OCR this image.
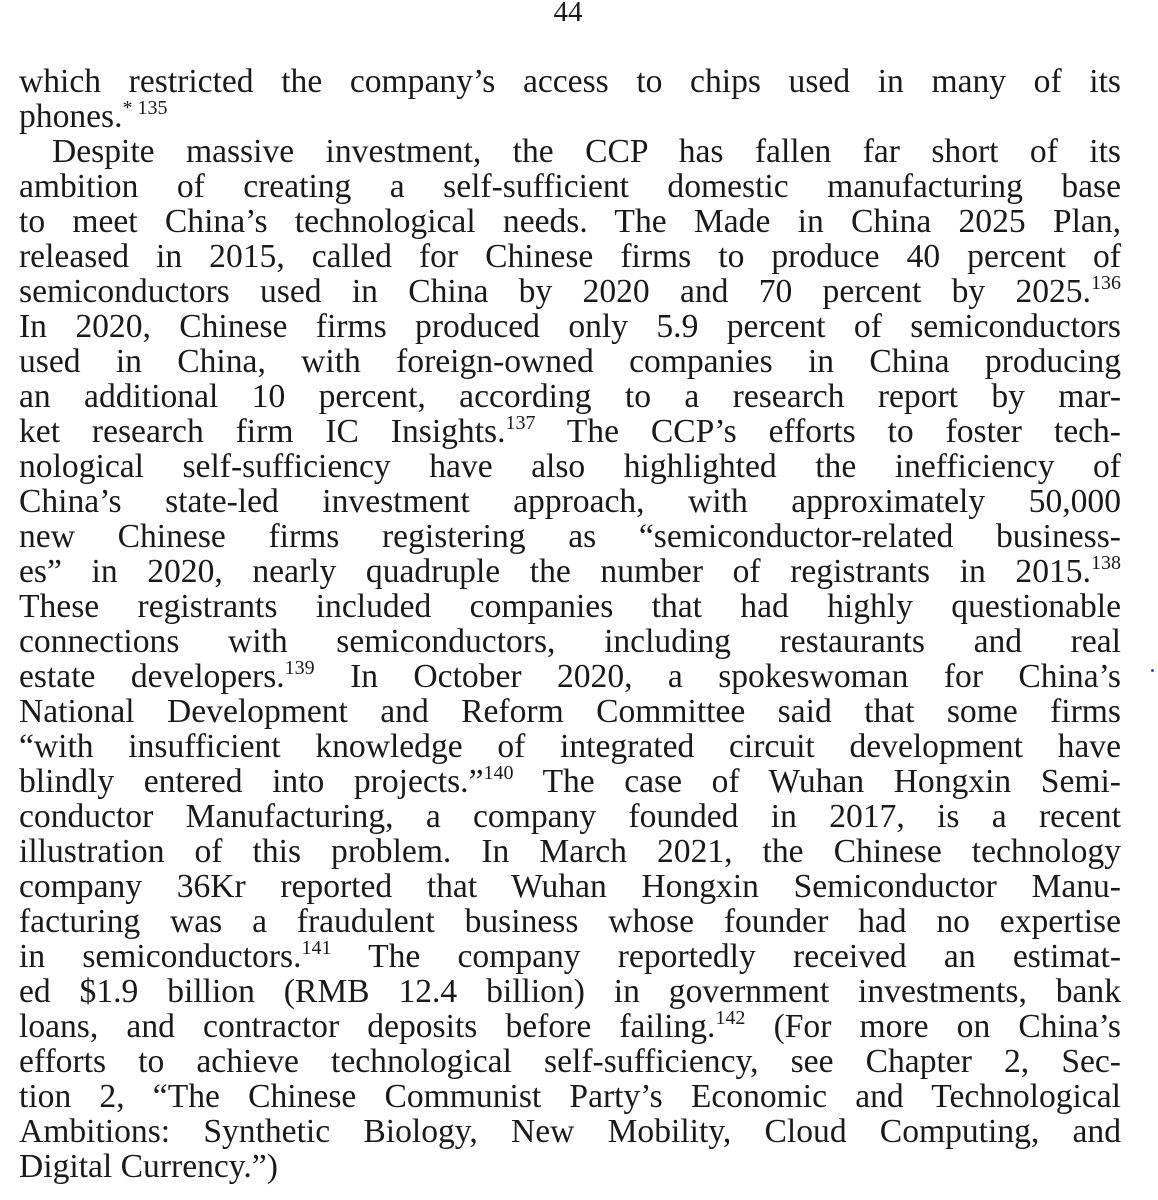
44
which restricted the company’s access to chips used in many of its
phones.$^{* 135}$
Despite massive investment, the CCP has fallen far short of its
ambition of creating a self-sufficient domestic manufacturing base
to meet China’s technological needs. The Made in China 2025 Plan,
released in 2015, called for Chinese firms to produce 40 percent of
semiconductors used in China by 2020 and 70 percent by 2025.$^{136}$
In 2020, Chinese firms produced only 5.9 percent of semiconductors
used in China, with foreign-owned companies in China producing
an additional 10 percent, according to a research report by mar-
ket research firm IC Insights.$^{137}$ The CCP’s efforts to foster tech-
nological self-sufficiency have also highlighted the inefficiency of
China’s state-led investment approach, with approximately 50,000
new Chinese firms registering as “semiconductor-related business-
es” in 2020, nearly quadruple the number of registrants in 2015.$^{138}$
These registrants included companies that had highly questionable
connections with semiconductors, including restaurants and real
estate developers.$^{139}$ In October 2020, a spokeswoman for China’s
National Development and Reform Committee said that some firms
“with insufficient knowledge of integrated circuit development have
blindly entered into projects.”$^{140}$ The case of Wuhan Hongxin Semi-
conductor Manufacturing, a company founded in 2017, is a recent
illustration of this problem. In March 2021, the Chinese technology
company 36Kr reported that Wuhan Hongxin Semiconductor Manu-
facturing was a fraudulent business whose founder had no expertise
in semiconductors.$^{141}$ The company reportedly received an estimat-
ed $1.9 billion (RMB 12.4 billion) in government investments, bank
loans, and contractor deposits before failing.$^{142}$ (For more on China’s
efforts to achieve technological self-sufficiency, see Chapter 2, Sec-
tion 2, “The Chinese Communist Party’s Economic and Technological
Ambitions: Synthetic Biology, New Mobility, Cloud Computing, and
Digital Currency.”)
